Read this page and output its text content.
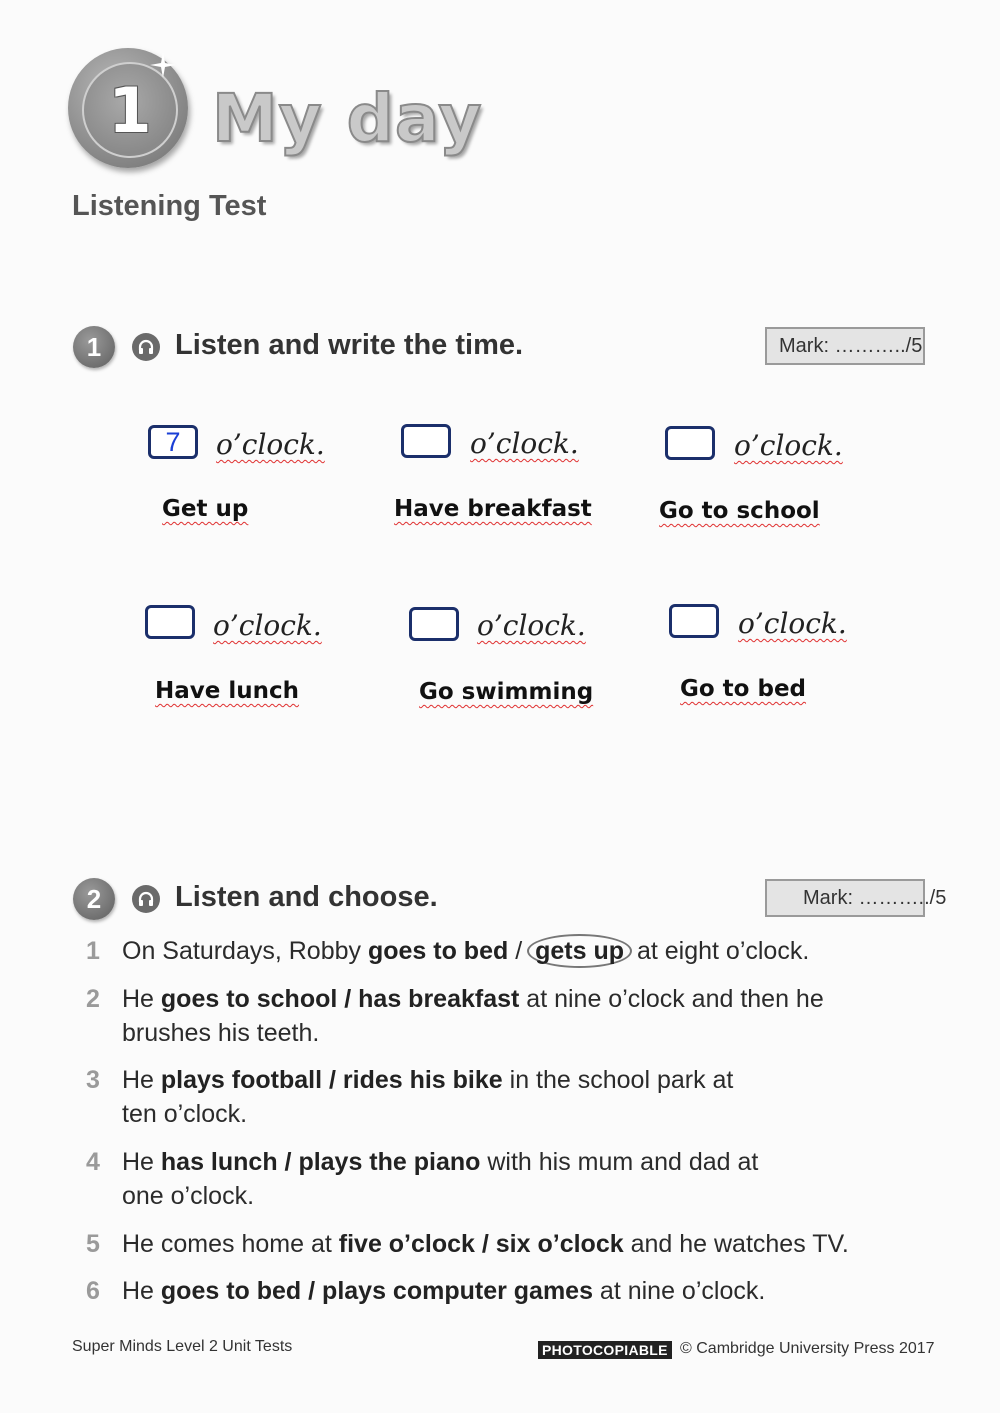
1 My day
Listening Test
1	Listen and write the time.	Mark: ………../5
7	o’clock.
Get up
o’clock.
Have breakfast
o’clock.
Go to school
o’clock.
Have lunch
o’clock.
Go swimming
o’clock.
Go to bed
2	Listen and choose.	Mark: ………../5
1 On Saturdays, Robby goes to bed / gets up at eight o’clock.
2 He goes to school / has breakfast at nine o’clock and then he
brushes his teeth.
3 He plays football / rides his bike in the school park at
ten o’clock.
4 He has lunch / plays the piano with his mum and dad at
one o’clock.
5 He comes home at five o’clock / six o’clock and he watches TV.
6 He goes to bed / plays computer games at nine o’clock.
Super Minds Level 2 Unit Tests	PHOTOCOPIABLE © Cambridge University Press 2017
